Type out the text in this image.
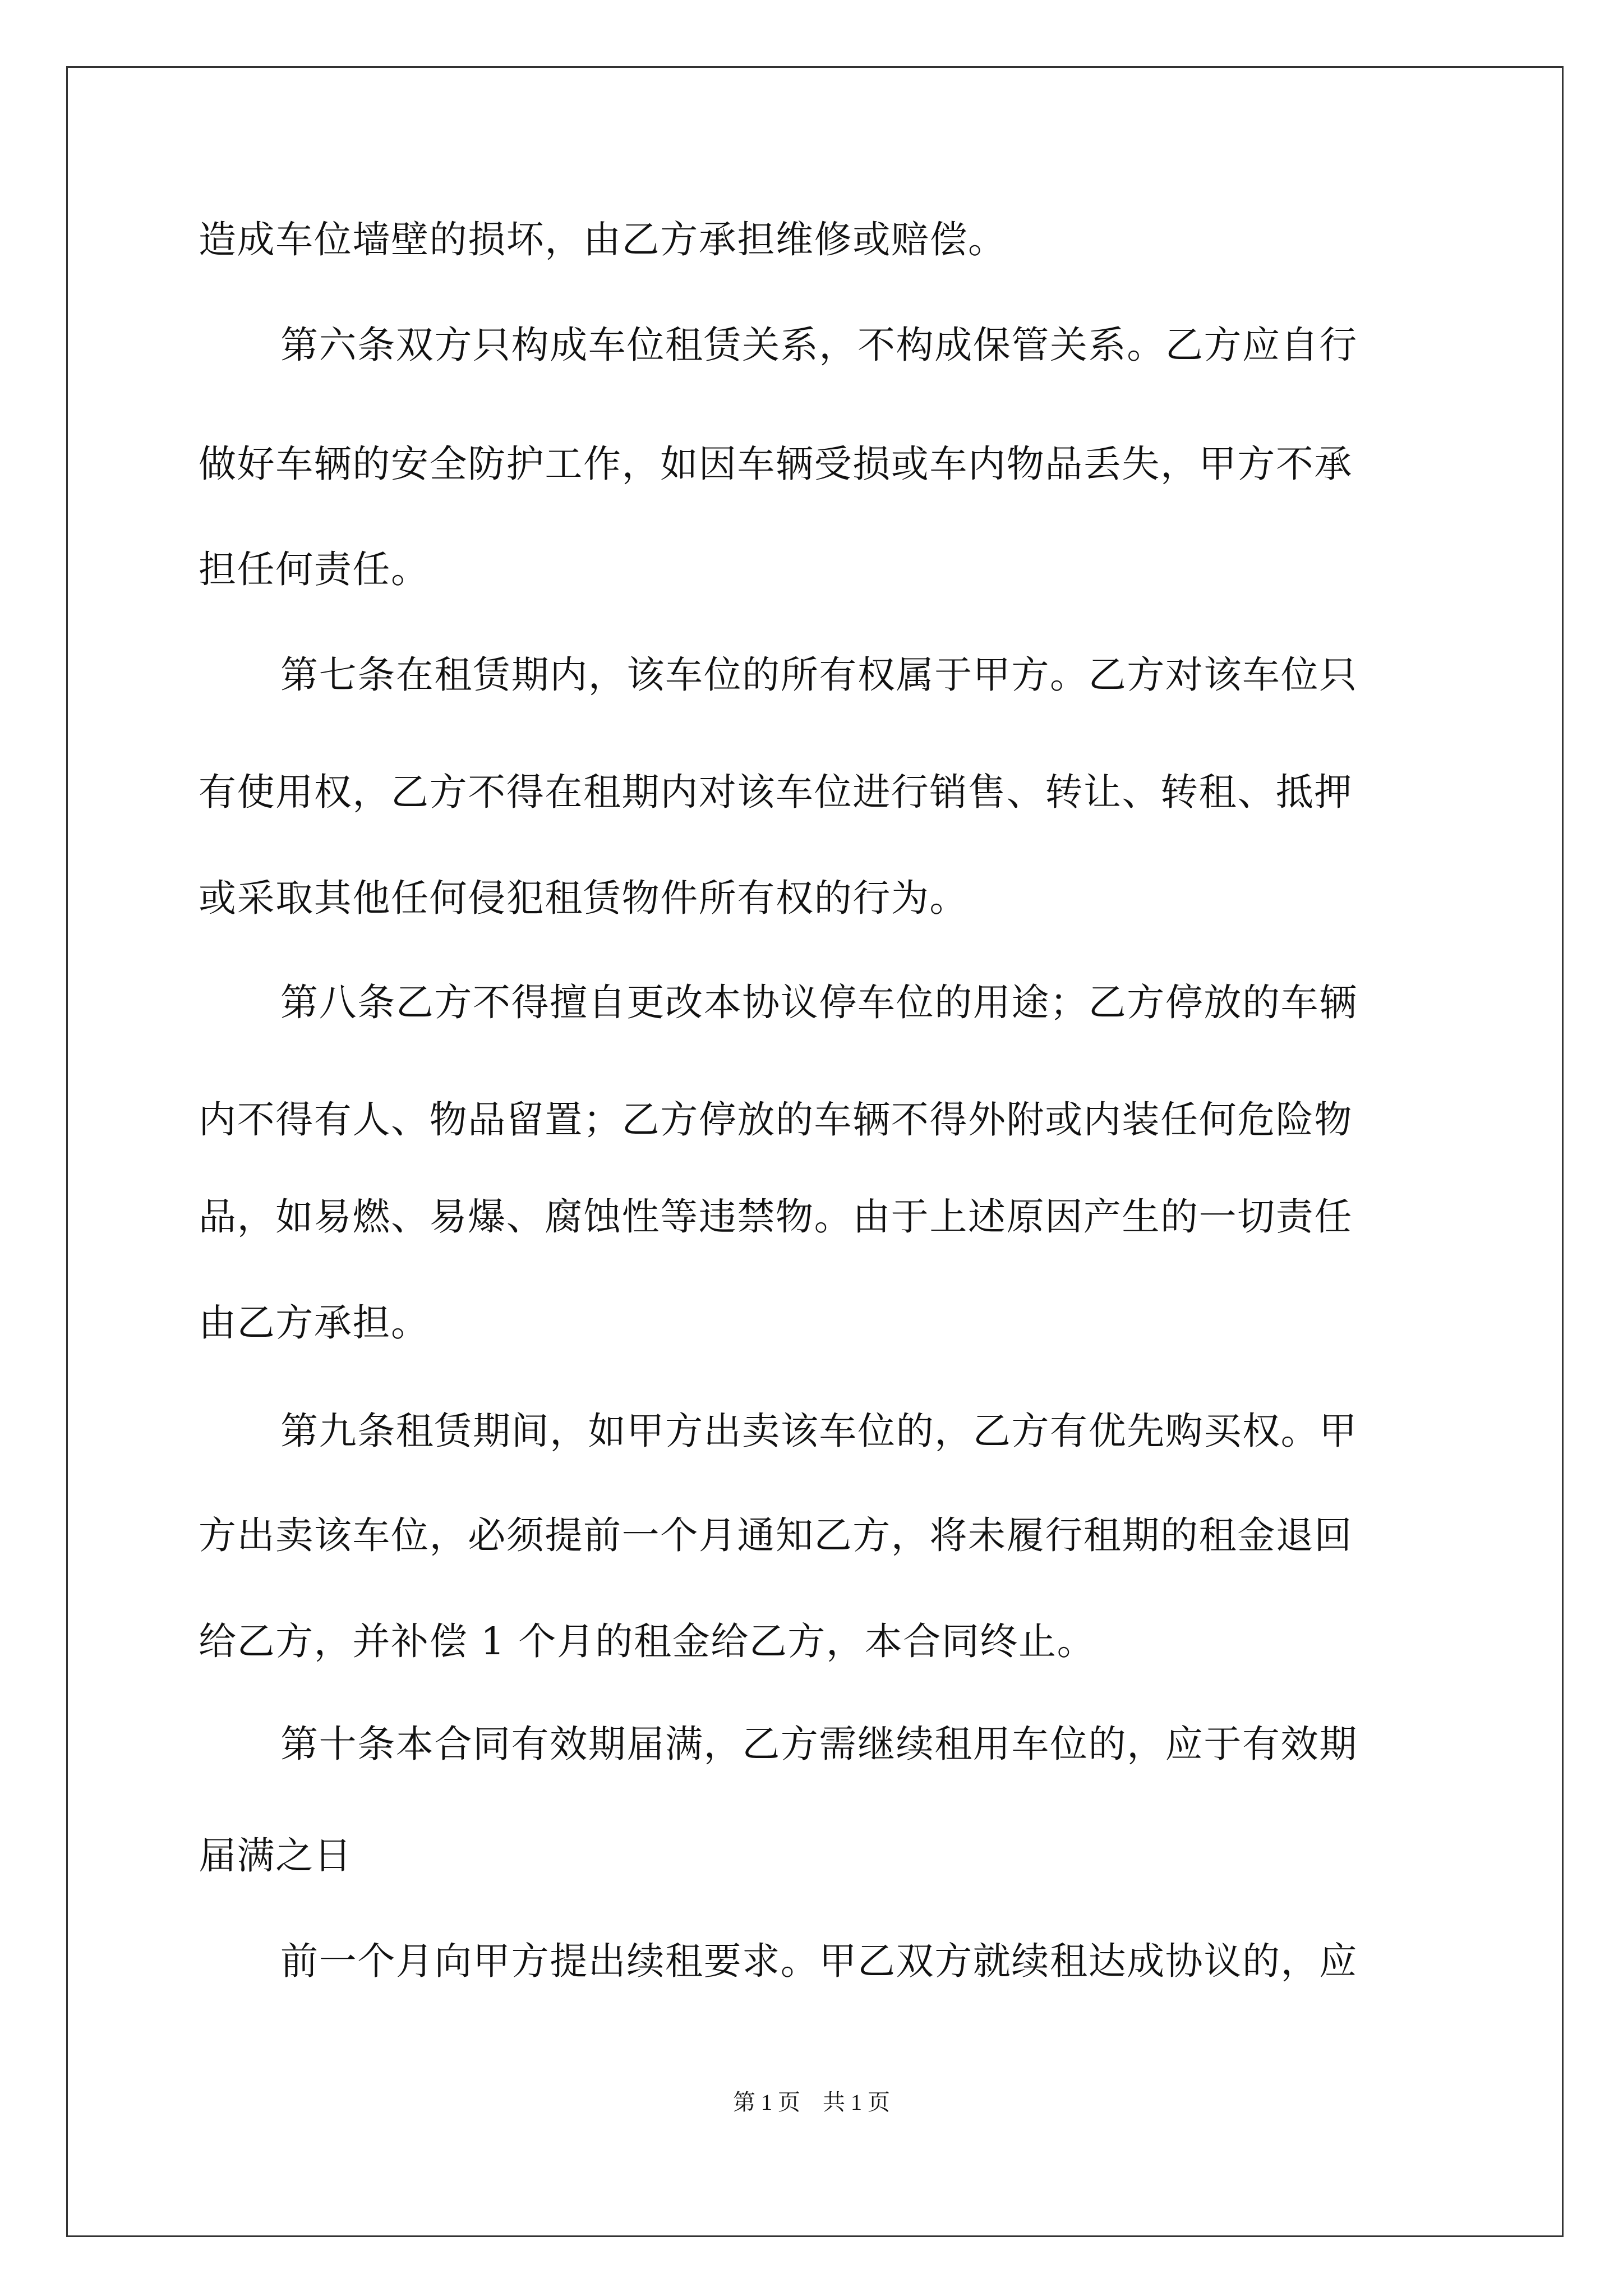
造成车位墙壁的损坏，由乙方承担维修或赔偿。
第六条双方只构成车位租赁关系，不构成保管关系。乙方应自行
做好车辆的安全防护工作，如因车辆受损或车内物品丢失，甲方不承
担任何责任。
第七条在租赁期内，该车位的所有权属于甲方。乙方对该车位只
有使用权，乙方不得在租期内对该车位进行销售、转让、转租、抵押
或采取其他任何侵犯租赁物件所有权的行为。
第八条乙方不得擅自更改本协议停车位的用途；乙方停放的车辆
内不得有人、物品留置；乙方停放的车辆不得外附或内装任何危险物
品，如易燃、易爆、腐蚀性等违禁物。由于上述原因产生的一切责任
由乙方承担。
第九条租赁期间，如甲方出卖该车位的，乙方有优先购买权。甲
方出卖该车位，必须提前一个月通知乙方，将未履行租期的租金退回
给乙方，并补偿 1 个月的租金给乙方，本合同终止。
第十条本合同有效期届满，乙方需继续租用车位的，应于有效期
届满之日
前一个月向甲方提出续租要求。甲乙双方就续租达成协议的，应
第 1 页 共 1 页
